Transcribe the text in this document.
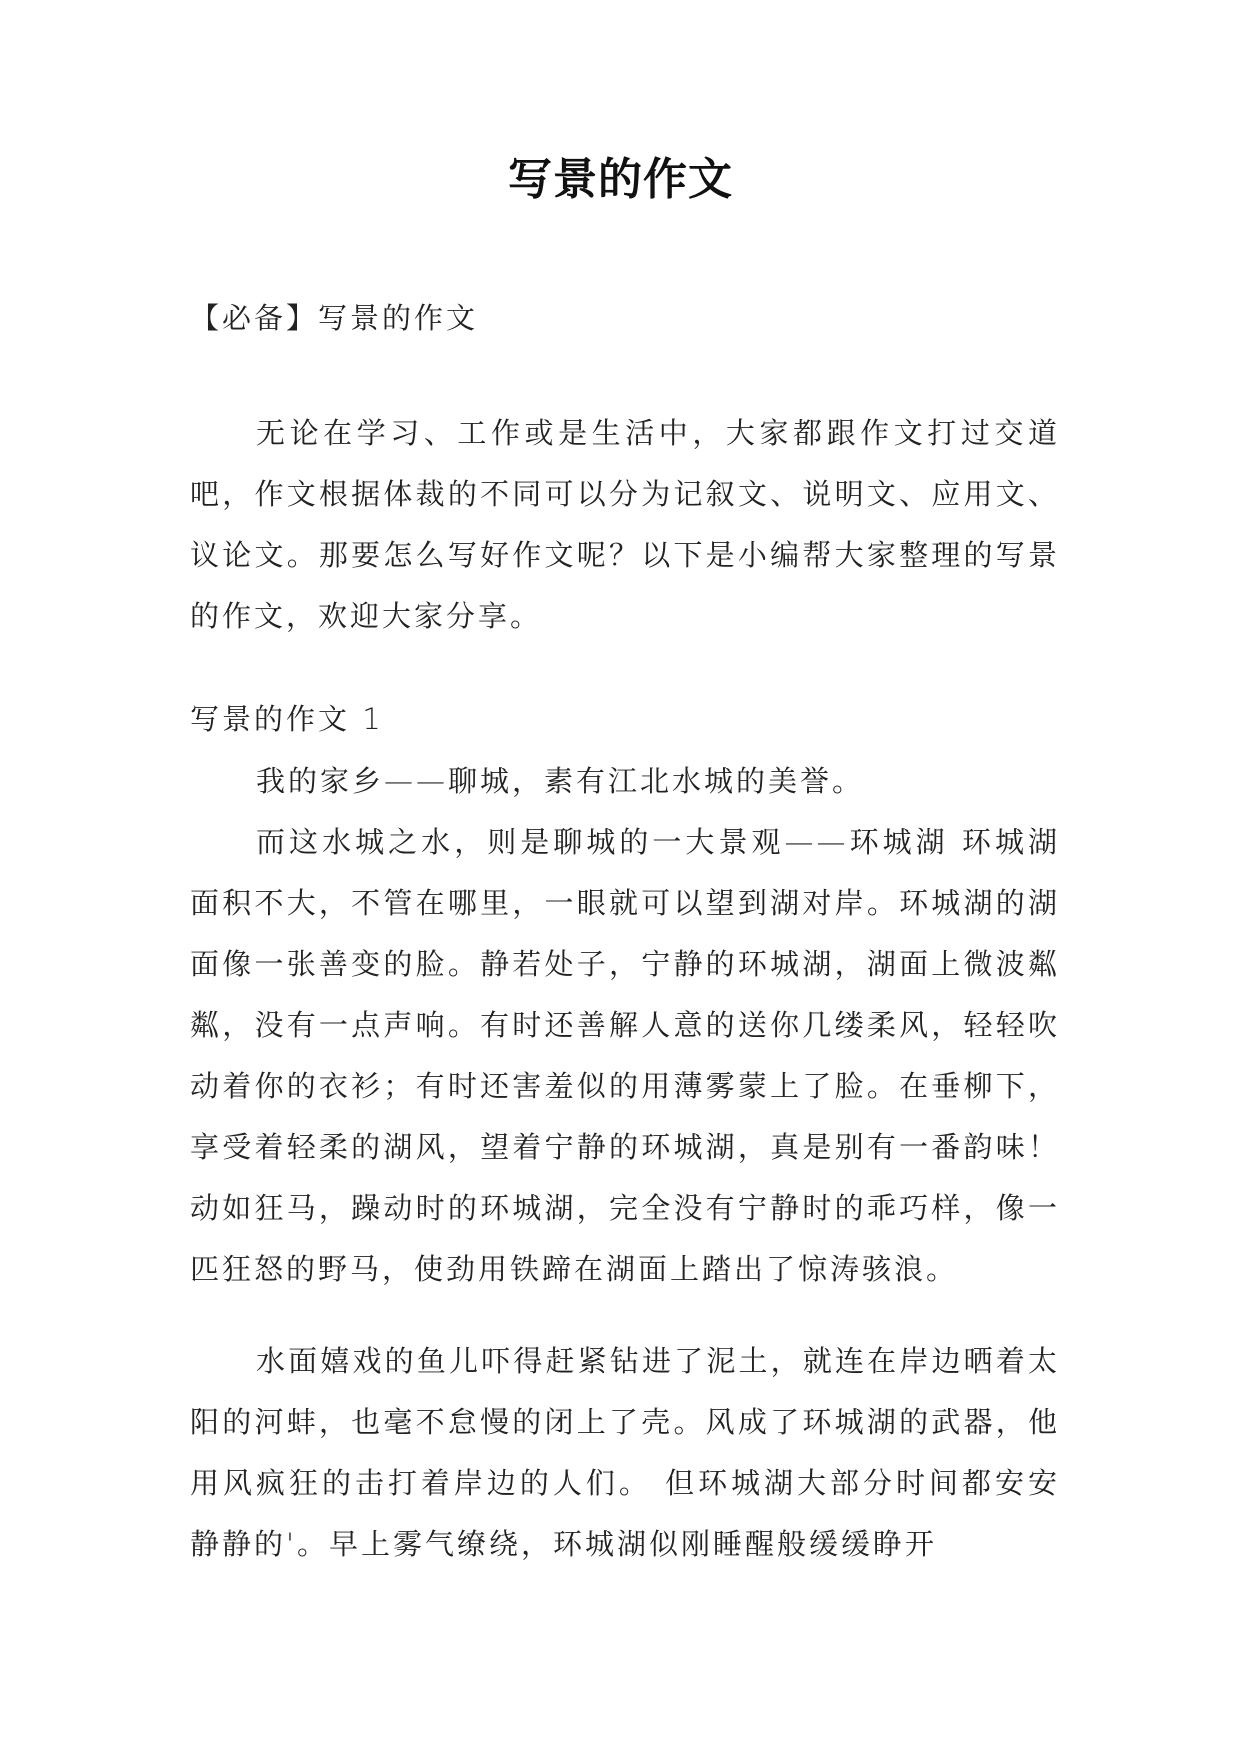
写景的作文
【必备】写景的作文

无论在学习、工作或是生活中，大家都跟作文打过交道吧，作文根据体裁的不同可以分为记叙文、说明文、应用文、议论文。那要怎么写好作文呢？以下是小编帮大家整理的写景的作文，欢迎大家分享。

写景的作文 1

我的家乡——聊城，素有江北水城的美誉。

而这水城之水，则是聊城的一大景观——环城湖 环城湖面积不大，不管在哪里，一眼就可以望到湖对岸。环城湖的湖面像一张善变的脸。静若处子，宁静的环城湖，湖面上微波粼粼，没有一点声响。有时还善解人意的送你几缕柔风，轻轻吹动着你的衣衫；有时还害羞似的用薄雾蒙上了脸。在垂柳下，享受着轻柔的湖风，望着宁静的环城湖，真是别有一番韵味！动如狂马，躁动时的环城湖，完全没有宁静时的乖巧样，像一匹狂怒的野马，使劲用铁蹄在湖面上踏出了惊涛骇浪。

水面嬉戏的鱼儿吓得赶紧钻进了泥土，就连在岸边晒着太阳的河蚌，也毫不怠慢的闭上了壳。风成了环城湖的武器，他用风疯狂的击打着岸边的人们。 但环城湖大部分时间都安安静静的'。早上雾气缭绕，环城湖似刚睡醒般缓缓睁开
